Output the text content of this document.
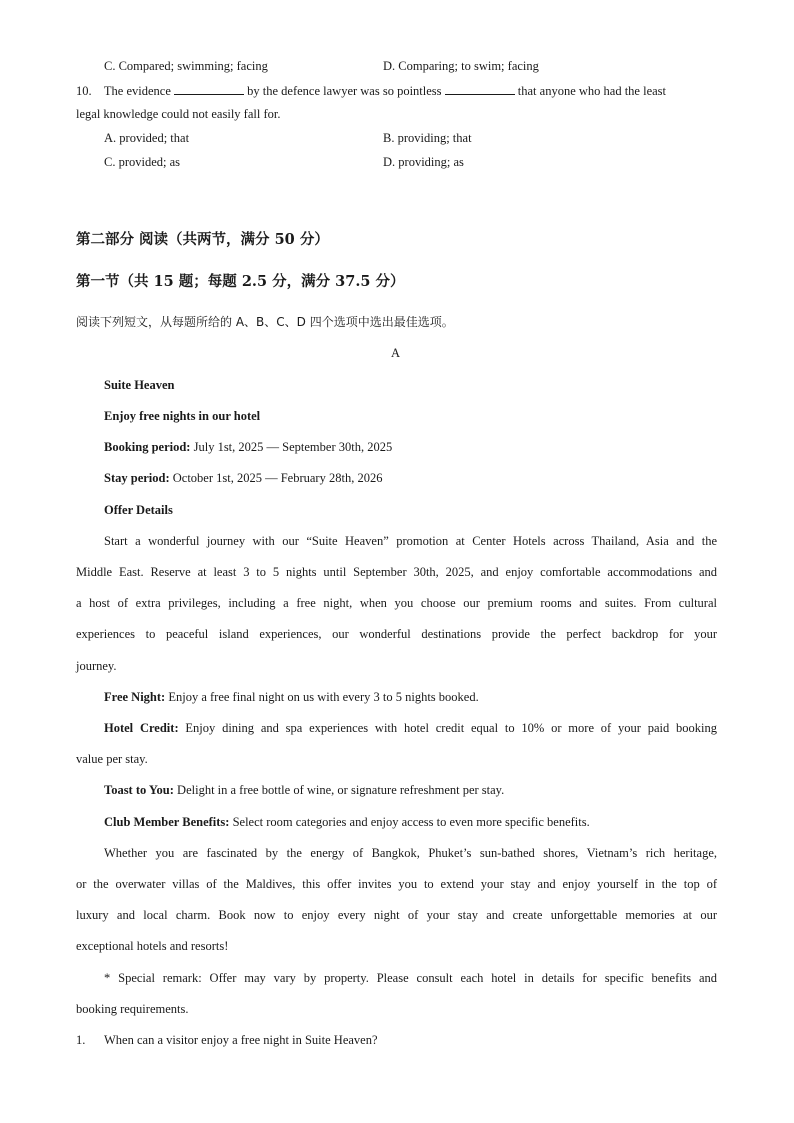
C. Compared; swimming; facing	D. Comparing; to swim; facing
10. The evidence	by the defence lawyer was so pointless	that anyone who had the least
legal knowledge could not easily fall for.
A. provided; that	B. providing; that
C. provided; as	D. providing; as
第二部分 阅读（共两节，满分 50 分）
第一节（共 15 题；每题 2.5 分，满分 37.5 分）
阅读下列短文，从每题所给的 A、B、C、D 四个选项中选出最佳选项。
A
Suite Heaven
Enjoy free nights in our hotel
Booking period: July 1st, 2025 — September 30th, 2025
Stay period: October 1st, 2025 — February 28th, 2026
Offer Details
Start a wonderful journey with our “Suite Heaven” promotion at Center Hotels across Thailand, Asia and the
Middle East. Reserve at least 3 to 5 nights until September 30th, 2025, and enjoy comfortable accommodations and
a host of extra privileges, including a free night, when you choose our premium rooms and suites. From cultural
experiences to peaceful island experiences, our wonderful destinations provide the perfect backdrop for your
journey.
Free Night: Enjoy a free final night on us with every 3 to 5 nights booked.
Hotel Credit: Enjoy dining and spa experiences with hotel credit equal to 10% or more of your paid booking
value per stay.
Toast to You: Delight in a free bottle of wine, or signature refreshment per stay.
Club Member Benefits: Select room categories and enjoy access to even more specific benefits.
Whether you are fascinated by the energy of Bangkok, Phuket’s sun-bathed shores, Vietnam’s rich heritage,
or the overwater villas of the Maldives, this offer invites you to extend your stay and enjoy yourself in the top of
luxury and local charm. Book now to enjoy every night of your stay and create unforgettable memories at our
exceptional hotels and resorts!
* Special remark: Offer may vary by property. Please consult each hotel in details for specific benefits and
booking requirements.
1. When can a visitor enjoy a free night in Suite Heaven?
